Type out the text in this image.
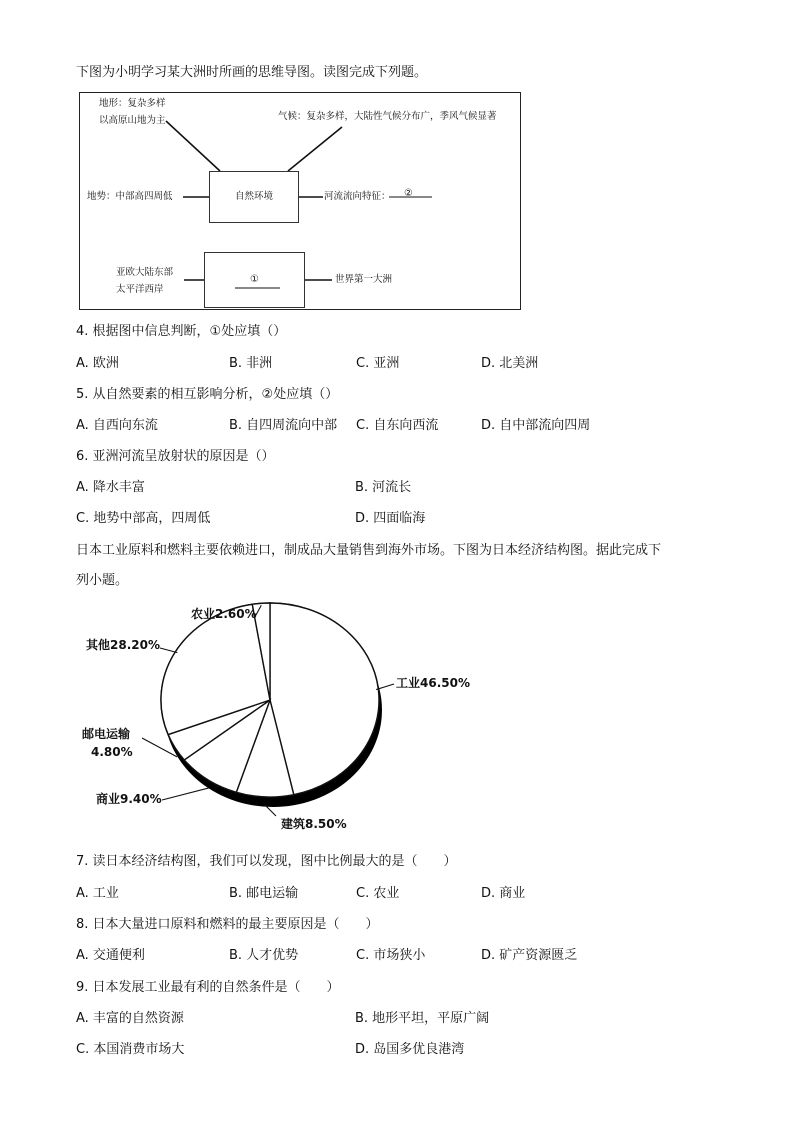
下图为小明学习某大洲时所画的思维导图。读图完成下列题。
地形：复杂多样
以高原山地为主	气候：复杂多样，大陆性气候分布广，季风气候显著
地势：中部高四周低	自然环境	河流流向特征： ②
亚欧大陆东部
太平洋西岸
①	世界第一大洲
4. 根据图中信息判断，①处应填（）
A. 欧洲	B. 非洲	C. 亚洲	D. 北美洲
5. 从自然要素的相互影响分析，②处应填（）
A. 自西向东流	B. 自四周流向中部 C. 自东向西流	D. 自中部流向四周
6. 亚洲河流呈放射状的原因是（）
A. 降水丰富	B. 河流长
C. 地势中部高，四周低	D. 四面临海
日本工业原料和燃料主要依赖进口，制成品大量销售到海外市场。下图为日本经济结构图。据此完成下
列小题。
工业46.50%
建筑8.50%
商业9.40%
邮电运输
4.80%
其他28.20%
农业2.60%
7. 读日本经济结构图，我们可以发现，图中比例最大的是（　　）
A. 工业	B. 邮电运输	C. 农业	D. 商业
8. 日本大量进口原料和燃料的最主要原因是（　　）
A. 交通便利	B. 人才优势	C. 市场狭小	D. 矿产资源匮乏
9. 日本发展工业最有利的自然条件是（　　）
A. 丰富的自然资源	B. 地形平坦，平原广阔
C. 本国消费市场大	D. 岛国多优良港湾
